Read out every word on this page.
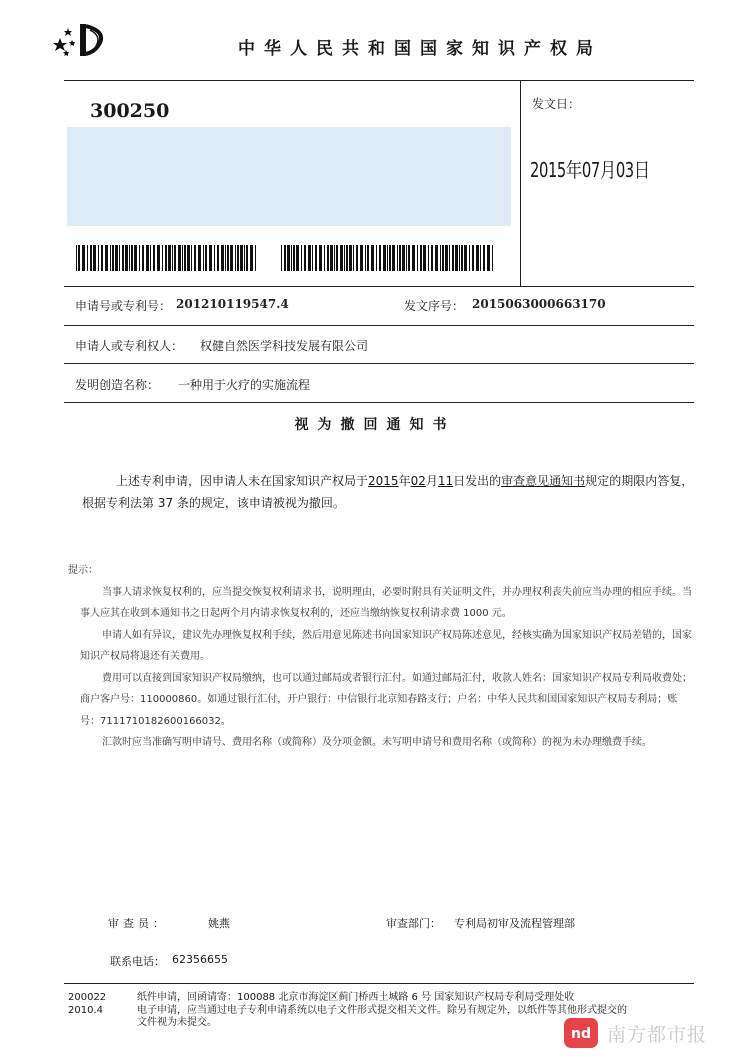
中华人民共和国国家知识产权局
300250	发文日：
2015年07月03日
申请号或专利号： 201210119547.4	发文序号： 2015063000663170
申请人或专利权人： 权健自然医学科技发展有限公司
发明创造名称： 一种用于火疗的实施流程
视为撤回通知书
上述专利申请，因申请人未在国家知识产权局于2015年02月11日发出的审查意见通知书规定的期限内答复，根据专利法第 37 条的规定，该申请被视为撤回。
提示：

当事人请求恢复权利的，应当提交恢复权利请求书，说明理由，必要时附具有关证明文件，并办理权利丧失前应当办理的相应手续。当事人应其在收到本通知书之日起两个月内请求恢复权利的，还应当缴纳恢复权利请求费 1000 元。

申请人如有异议，建议先办理恢复权利手续，然后用意见陈述书向国家知识产权局陈述意见，经核实确为国家知识产权局差错的，国家知识产权局将退还有关费用。

费用可以直接到国家知识产权局缴纳，也可以通过邮局或者银行汇付。如通过邮局汇付，收款人姓名：国家知识产权局专利局收费处；商户客户号：110000860。如通过银行汇付，开户银行：中信银行北京知春路支行；户名：中华人民共和国国家知识产权局专利局；账号：7111710182600166032。

汇款时应当准确写明申请号、费用名称（或简称）及分项金额。未写明申请号和费用名称（或简称）的视为未办理缴费手续。

审查员：	姚燕	审查部门： 专利局初审及流程管理部
联系电话： 62356655
200022
2010.4
纸件申请，回函请寄：100088 北京市海淀区蓟门桥西土城路 6 号 国家知识产权局专利局受理处收
电子申请，应当通过电子专利申请系统以电子文件形式提交相关文件。除另有规定外，以纸件等其他形式提交的
文件视为未提交。
nd 南方都市报
